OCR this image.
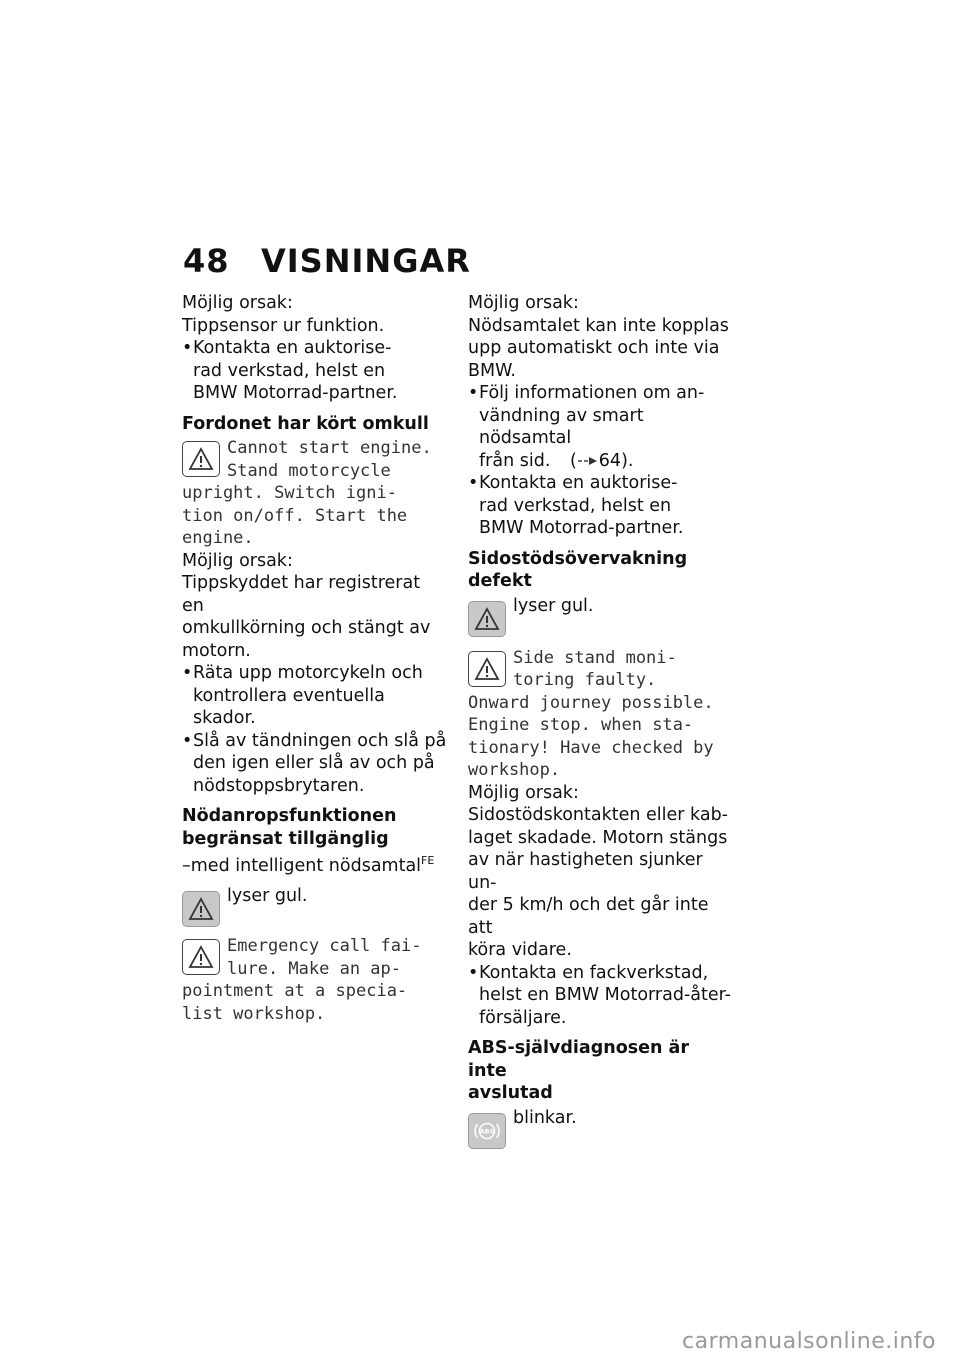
48 VISNINGAR

Möjlig orsak:

Tippsensor ur funktion.

• Kontakta en auktorise-
rad verkstad, helst en
BMW Motorrad-partner.
Fordonet har kört omkull

Cannot start engine.

Stand motorcycle

upright. Switch igni-

tion on/off. Start the

engine.

Möjlig orsak:

Tippskyddet har registrerat en

omkullkörning och stängt av

motorn.

• Räta upp motorcykeln och
kontrollera eventuella skador.
• Slå av tändningen och slå på
den igen eller slå av och på
nödstoppsbrytaren.
Nödanropsfunktionen
begränsat tillgänglig

–med intelligent nödsamtal$^{FE}$

lyser gul.

Emergency call fai-

lure. Make an ap-

pointment at a specia-

list workshop.

Möjlig orsak:

Nödsamtalet kan inte kopplas

upp automatiskt och inte via

BMW.

• Följ informationen om an-
vändning av smart nödsamtal
från sid. ( 64).
• Kontakta en auktorise-
rad verkstad, helst en
BMW Motorrad-partner.
Sidostödsövervakning defekt

lyser gul.

Side stand moni-

toring faulty.

Onward journey possible.

Engine stop. when sta-

tionary! Have checked by

workshop.

Möjlig orsak:

Sidostödskontakten eller kab-

laget skadade. Motorn stängs

av när hastigheten sjunker un-

der 5 km/h och det går inte att

köra vidare.

• Kontakta en fackverkstad,
helst en BMW Motorrad-åter-
försäljare.
ABS-självdiagnosen är inte
avslutad
ABS

blinkar.

carmanualsonline.info
